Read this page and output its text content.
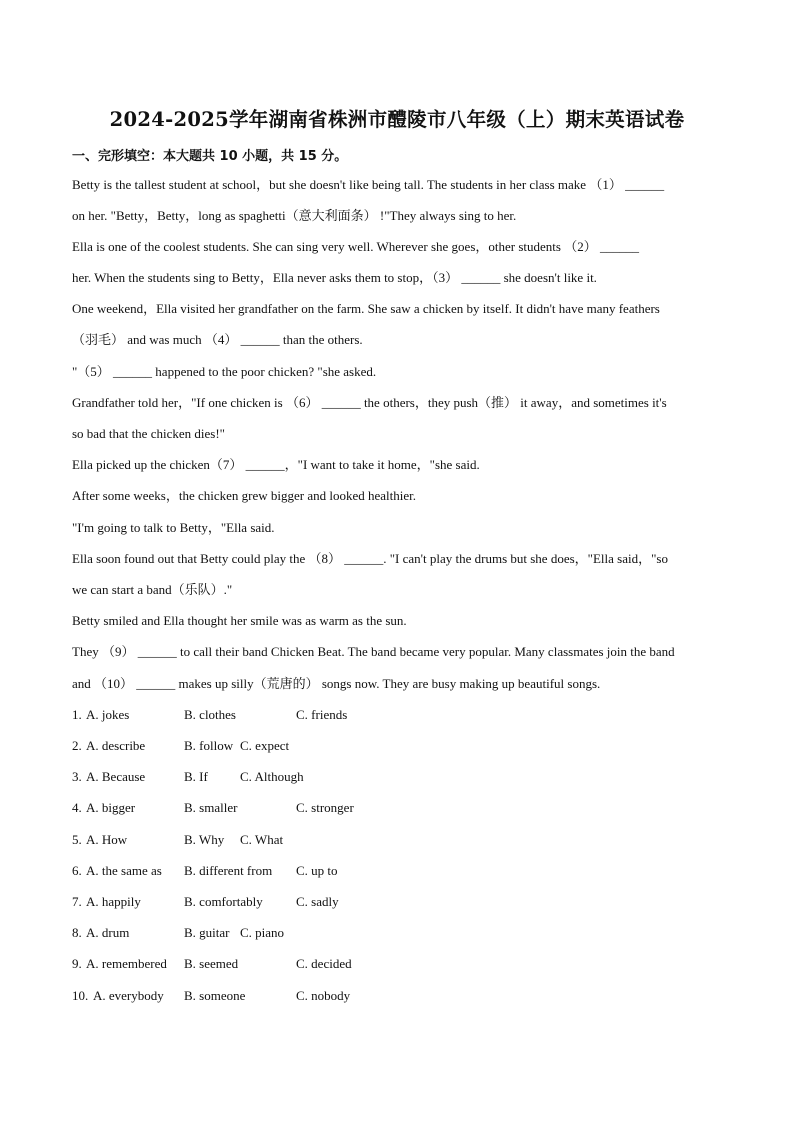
2024-2025学年湖南省株洲市醴陵市八年级（上）期末英语试卷
一、完形填空：本大题共 10 小题，共 15 分。
Betty is the tallest student at school，but she doesn't like being tall. The students in her class make （1） ______
on her. "Betty，Betty，long as spaghetti（意大利面条） !"They always sing to her.
Ella is one of the coolest students. She can sing very well. Wherever she goes，other students （2） ______
her. When the students sing to Betty，Ella never asks them to stop，（3） ______ she doesn't like it.
One weekend，Ella visited her grandfather on the farm. She saw a chicken by itself. It didn't have many feathers
（羽毛） and was much （4） ______ than the others.
"（5） ______ happened to the poor chicken? "she asked.
Grandfather told her，"If one chicken is （6） ______ the others，they push（推） it away，and sometimes it's
so bad that the chicken dies!"
Ella picked up the chicken（7） ______，"I want to take it home，"she said.
After some weeks，the chicken grew bigger and looked healthier.
"I'm going to talk to Betty，"Ella said.
Ella soon found out that Betty could play the （8） ______. "I can't play the drums but she does，"Ella said，"so
we can start a band（乐队）."
Betty smiled and Ella thought her smile was as warm as the sun.
They （9） ______ to call their band Chicken Beat. The band became very popular. Many classmates join the band
and （10） ______ makes up silly（荒唐的） songs now. They are busy making up beautiful songs.
1. A. jokes	B. clothes	C. friends
2. A. describe	B. follow C. expect
3. A. Because	B. If C. Although
4. A. bigger	B. smaller	C. stronger
5. A. How	B. Why C. What
6. A. the same as B. different from C. up to
7. A. happily	B. comfortably	C. sadly
8. A. drum	B. guitar C. piano
9. A. remembered B. seemed	C. decided
10. A. everybody B. someone	C. nobody
